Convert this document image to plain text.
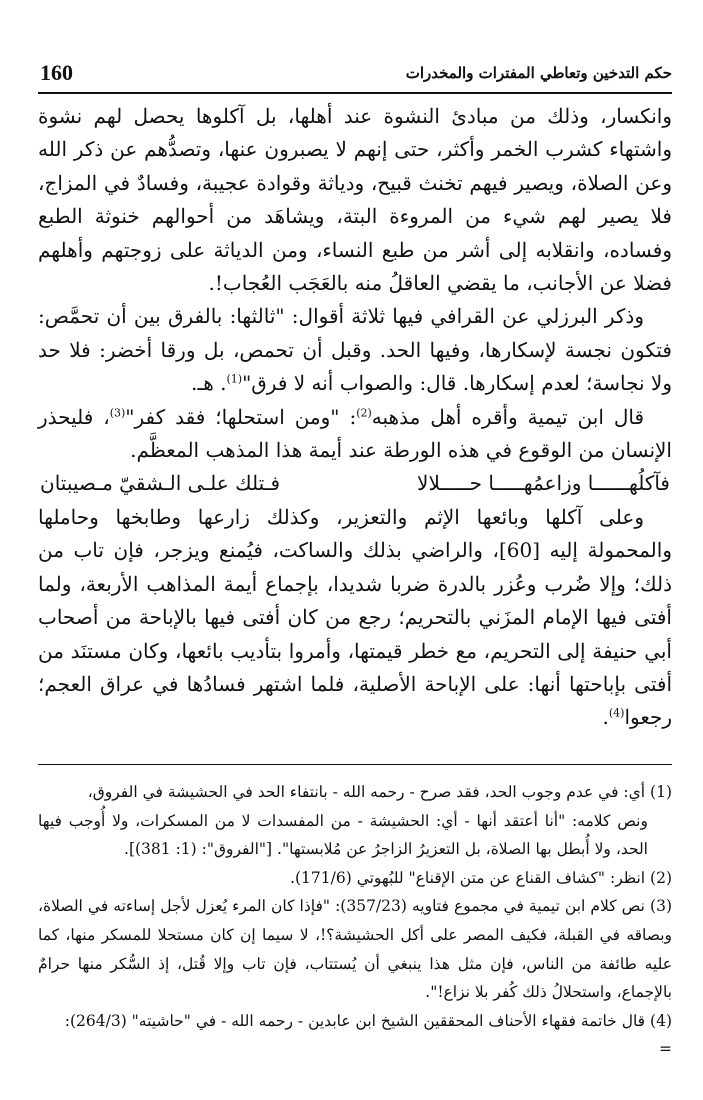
160	حكم التدخين وتعاطي المفترات والمخدرات

وانكسار، وذلك من مبادئ النشوة عند أهلها، بل آكلوها يحصل لهم نشوة واشتهاء كشرب الخمر وأكثر، حتى إنهم لا يصبرون عنها، وتصدُّهم عن ذكر الله وعن الصلاة، ويصير فيهم تخنث قبيح، ودياثة وقوادة عجيبة، وفسادٌ في المزاج، فلا يصير لهم شيء من المروءة البتة، ويشاهَد من أحوالهم خنوثة الطبع وفساده، وانقلابه إلى أشر من طبع النساء، ومن الدياثة على زوجتهم وأهلهم فضلا عن الأجانب، ما يقضي العاقلُ منه بالعَجَب العُجاب!.

وذكر البرزلي عن القرافي فيها ثلاثة أقوال: "ثالثها: بالفرق بين أن تحمَّص: فتكون نجسة لإسكارها، وفيها الحد. وقبل أن تحمص، بل ورقا أخضر: فلا حد ولا نجاسة؛ لعدم إسكارها. قال: والصواب أنه لا فرق"$^{(1)}$. هـ.

قال ابن تيمية وأقره أهل مذهبه$^{(2)}$: "ومن استحلها؛ فقد كفر"$^{(3)}$، فليحذر الإنسان من الوقوع في هذه الورطة عند أيمة هذا المذهب المعظَّم.

فآكلُهــــــا وزاعمُهـــــا حـــــلالا
فـتلك علـى الـشقيّ مـصيبتان

وعلى آكلها وبائعها الإثم والتعزير، وكذلك زارعها وطابخها وحاملها والمحمولة إليه [60]، والراضي بذلك والساكت، فيُمنع ويزجر، فإن تاب من ذلك؛ وإلا ضُرب وعُزر بالدرة ضربا شديدا، بإجماع أيمة المذاهب الأربعة، ولما أفتى فيها الإمام المزَني بالتحريم؛ رجع من كان أفتى فيها بالإباحة من أصحاب أبي حنيفة إلى التحريم، مع خطر قيمتها، وأمروا بتأديب بائعها، وكان مستنَد من أفتى بإباحتها أنها: على الإباحة الأصلية، فلما اشتهر فسادُها في عراق العجم؛ رجعوا$^{(4)}$.

(1) أي: في عدم وجوب الحد، فقد صرح - رحمه الله - بانتفاء الحد في الحشيشة في الفروق،

ونص كلامه: "أنا أعتقد أنها - أي: الحشيشة - من المفسدات لا من المسكرات، ولا أُوجب فيها الحد، ولا أُبطل بها الصلاة، بل التعزيرُ الزاجرُ عن مُلابستها". ["الفروق": (1: 381)].

(2) انظر: "كشاف القناع عن متن الإقناع" للبُهوتي (171/6).

(3) نص كلام ابن تيمية في مجموع فتاويه (357/23): "فإذا كان المرء يُعزل لأجل إساءته في الصلاة، وبصاقه في القبلة، فكيف المصر على أكل الحشيشة؟!، لا سيما إن كان مستحلا للمسكر منها، كما عليه طائفة من الناس، فإن مثل هذا ينبغي أن يُستتاب، فإن تاب وإلا قُتل، إذ السُّكر منها حرامٌ بالإجماع، واستحلالُ ذلك كُفر بلا نزاع!".

(4) قال خاتمة فقهاء الأحناف المحققين الشيخ ابن عابدين - رحمه الله - في "حاشيته" (264/3):

=
